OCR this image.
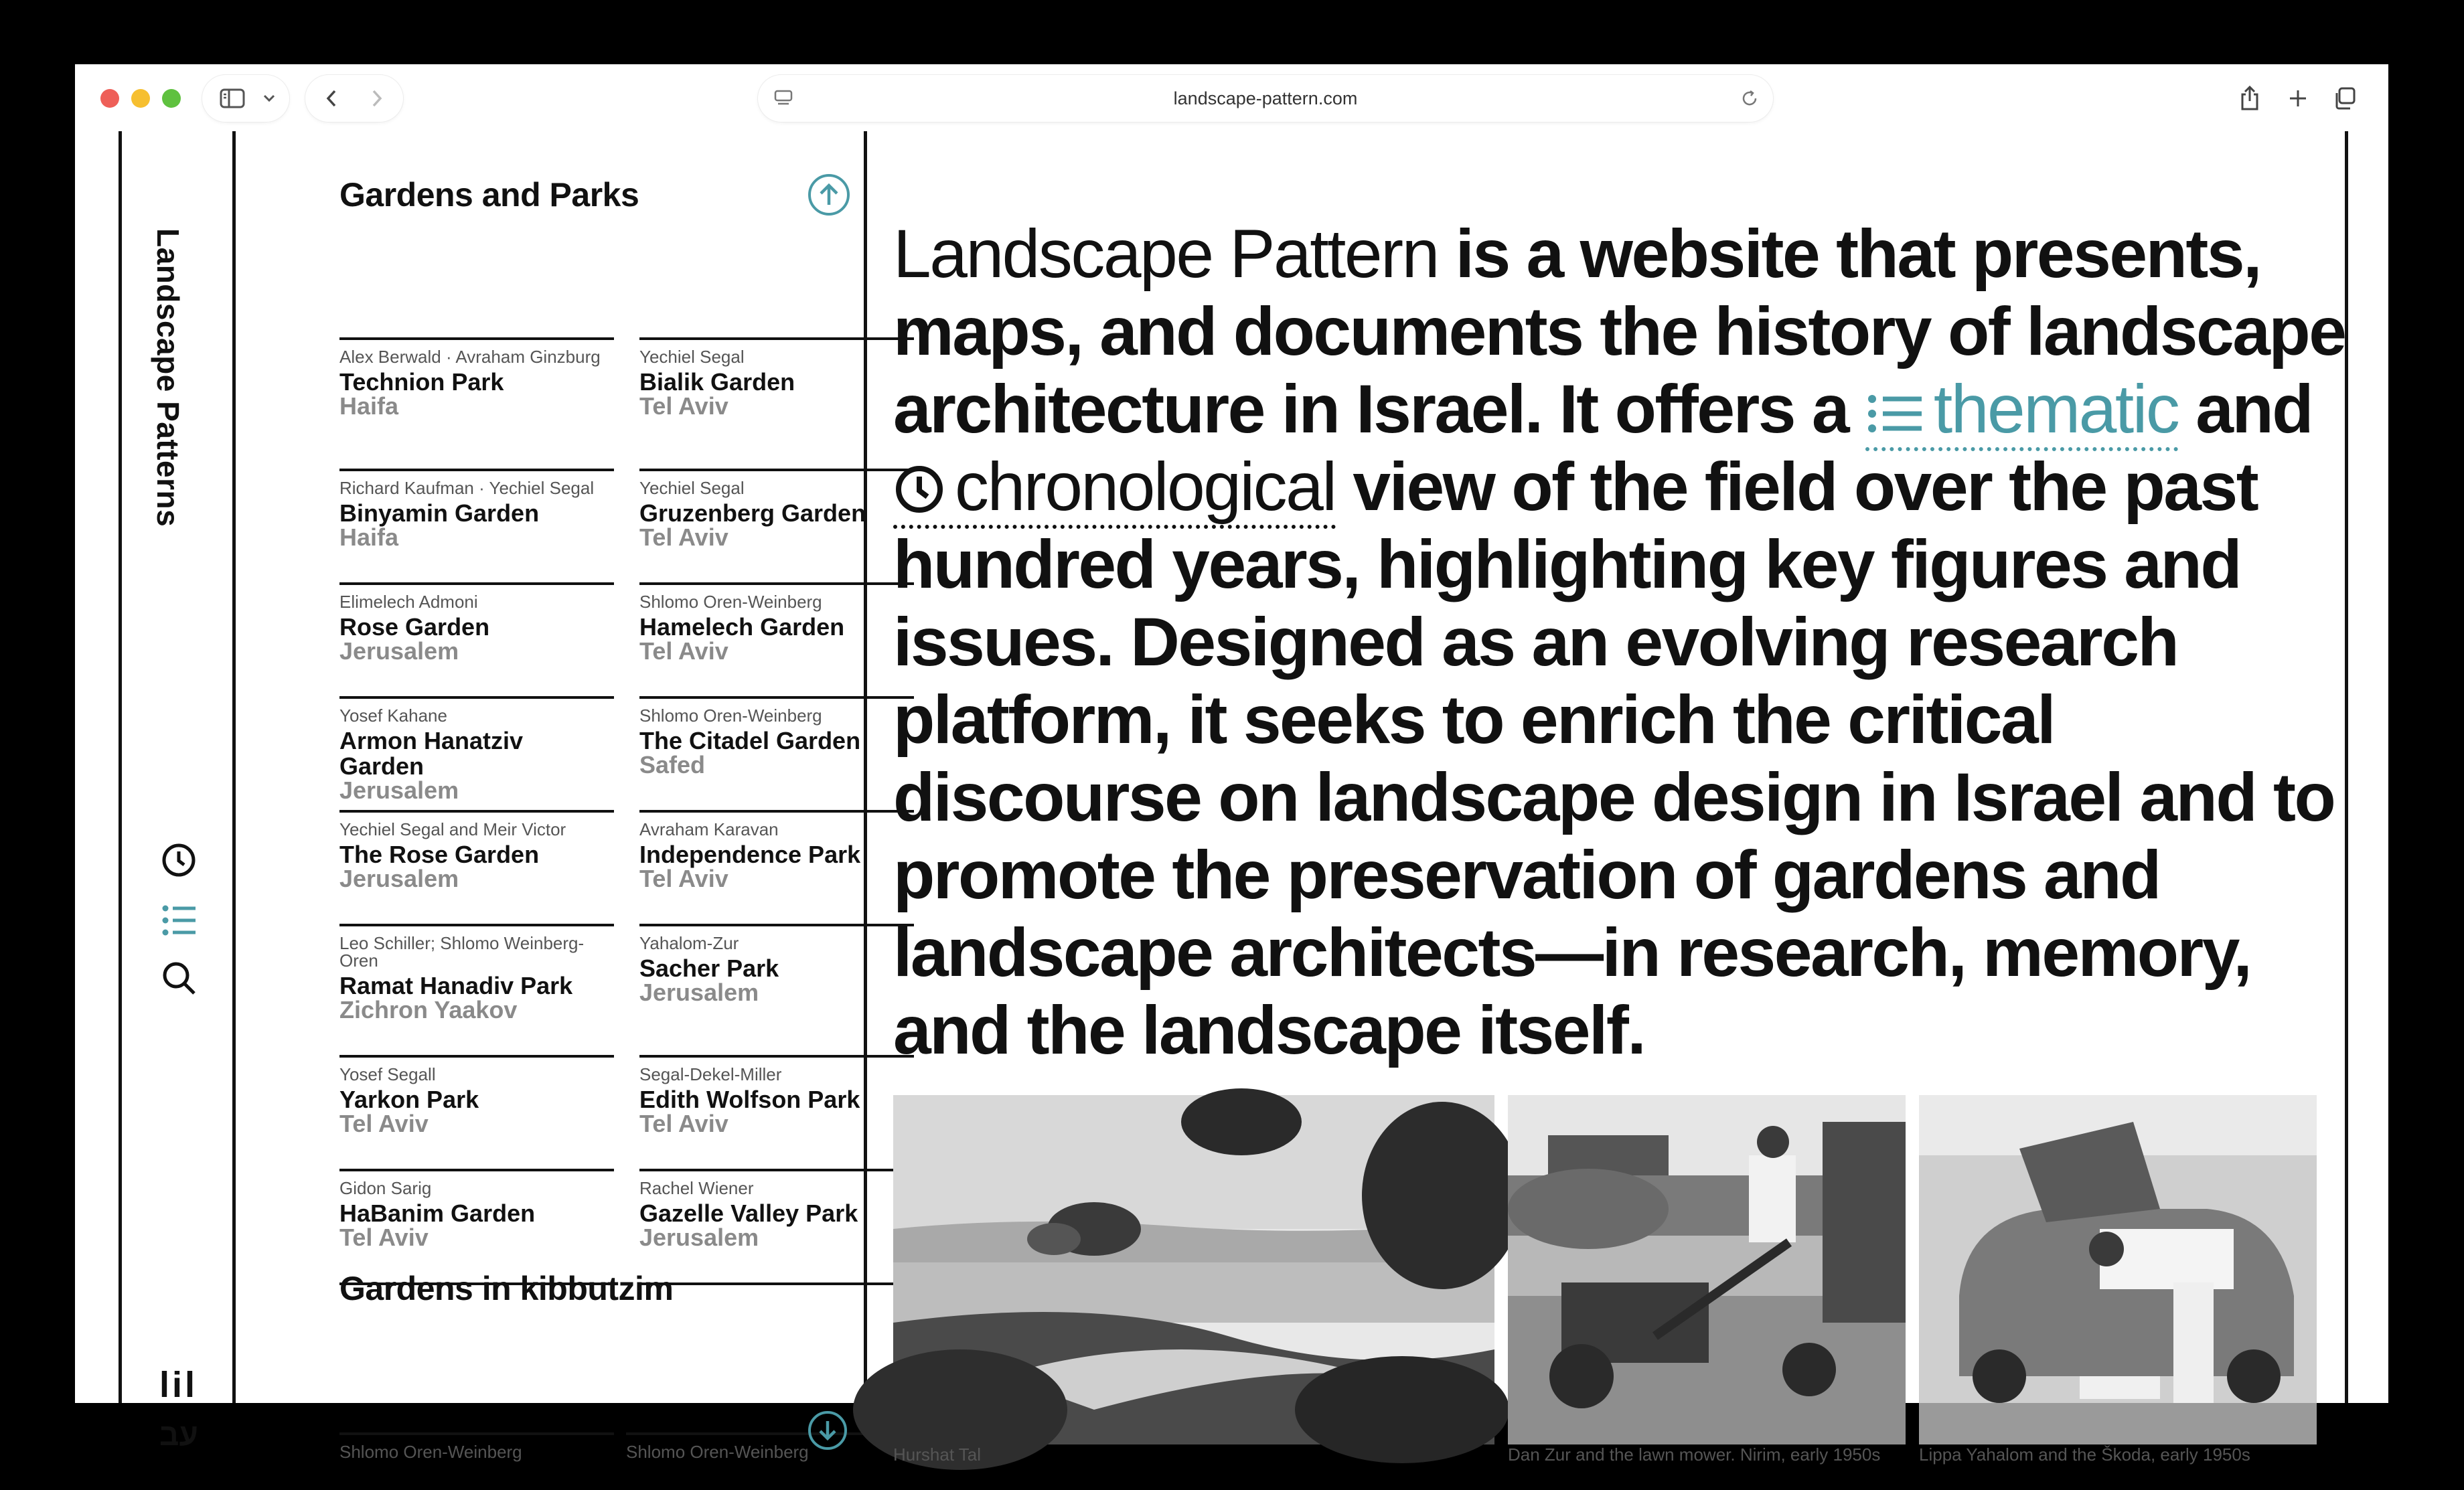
landscape-pattern.com
Landscape Patterns
lil
עב
Gardens and Parks
Alex Berwald · Avraham Ginzburg
Technion Park
Haifa
Yechiel Segal
Bialik Garden
Tel Aviv
Richard Kaufman · Yechiel Segal
Binyamin Garden
Haifa
Yechiel Segal
Gruzenberg Garden
Tel Aviv
Elimelech Admoni
Rose Garden
Jerusalem
Shlomo Oren-Weinberg
Hamelech Garden
Tel Aviv
Yosef Kahane
Armon Hanatziv Garden
Jerusalem
Shlomo Oren-Weinberg
The Citadel Garden
Safed
Yechiel Segal and Meir Victor
The Rose Garden
Jerusalem
Avraham Karavan
Independence Park
Tel Aviv
Leo Schiller; Shlomo Weinberg-Oren
Ramat Hanadiv Park
Zichron Yaakov
Yahalom-Zur
Sacher Park
Jerusalem
Yosef Segall
Yarkon Park
Tel Aviv
Segal-Dekel-Miller
Edith Wolfson Park
Tel Aviv
Gidon Sarig
HaBanim Garden
Tel Aviv
Rachel Wiener
Gazelle Valley Park
Jerusalem
Gardens in kibbutzim
Shlomo Oren-Weinberg	Shlomo Oren-Weinberg
Landscape Pattern is a website that presents, maps, and documents the history of landscape architecture in Israel. It offers a thematic and chronological view of the field over the past hundred years, highlighting key figures and issues. Designed as an evolving research platform, it seeks to enrich the critical discourse on landscape design in Israel and to promote the preservation of gardens and landscape architects—in research, memory, and the landscape itself.
Hurshat Tal	Dan Zur and the lawn mower. Nirim, early 1950s Lippa Yahalom and the Škoda, early 1950s
